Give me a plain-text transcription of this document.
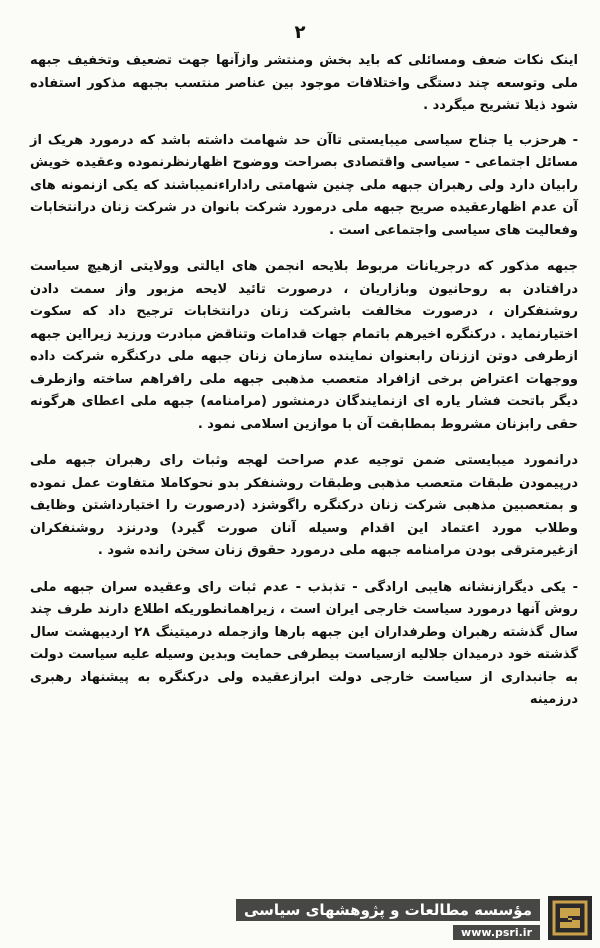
۲

اینک نکات ضعف ومسائلی که باید بخش ومنتشر وازآنها جهت تضعیف وتخفیف جبهه ملی وتوسعه چند دستگی واختلافات موجود بین عناصر منتسب بجبهه مذکور استفاده شود ذیلا تشریح میگردد .

- هرحزب یا جناح سیاسی میبایستی تاآن حد شهامت داشته باشد که درمورد هریک از مسائل اجتماعی - سیاسی واقتصادی بصراحت ووضوح اظهارنظرنموده وعقیده خویش رابیان دارد ولی رهبران جبهه ملی چنین شهامتی راداراءنمیباشند که یکی ازنمونه های آن عدم اظهارعقیده صریح جبهه ملی درمورد شرکت بانوان در شرکت زنان درانتخابات وفعالیت های سیاسی واجتماعی است .

جبهه مذکور که درجریانات مربوط بلایحه انجمن های ایالتی وولایتی ازهیچ سیاست درافتادن به روحانیون وبازاریان ، درصورت تائید لایحه مزبور واز سمت دادن روشنفکران ، درصورت مخالفت باشرکت زنان درانتخابات ترجیح داد که سکوت اختیارنماید . درکنگره اخیرهم باتمام جهات قدامات وتناقض مبادرت ورزید زیرااین جبهه ازطرفی دوتن اززنان رابعنوان نماینده سازمان زنان جبهه ملی درکنگره شرکت داده ووجهات اعتراض برخی ازافراد متعصب مذهبی جبهه ملی رافراهم ساخته وازطرف دیگر باتحت فشار یاره ای ازنمایندگان درمنشور (مرامنامه) جبهه ملی اعطای هرگونه حقی رابزنان مشروط بمطابقت آن با موازین اسلامی نمود .

درانمورد میبایستی ضمن توجیه عدم صراحت لهجه وثبات رای رهبران جبهه ملی درپیمودن طبقات متعصب مذهبی وطبقات روشنفکر بدو نحوکاملا متفاوت عمل نموده و بمتعصبین مذهبی شرکت زنان درکنگره راگوشزد (درصورت را اختیارداشتن وظایف وطلاب مورد اعتماد این اقدام وسیله آنان صورت گیرد) ودرنزد روشنفکران ازغیرمترقی بودن مرامنامه جبهه ملی درمورد حقوق زنان سخن رانده شود .

- یکی دیگرازنشانه هایبی ارادگی - تذبذب - عدم ثبات رای وعقیده سران جبهه ملی روش آنها درمورد سیاست خارجی ایران است ، زیراهمانطوریکه اطلاع دارند طرف چند سال گذشته رهبران وطرفداران این جبهه بارها وازجمله درمیتینگ ۲۸ اردیبهشت سال گذشته خود درمیدان جلالیه ازسیاست بیطرفی حمایت وبدین وسیله علیه سیاست دولت به جانبداری از سیاست خارجی دولت ابرازعقیده ولی درکنگره به پیشنهاد رهبری درزمینه

مؤسسه مطالعات و پژوهشهای سیاسی
www.psri.ir
